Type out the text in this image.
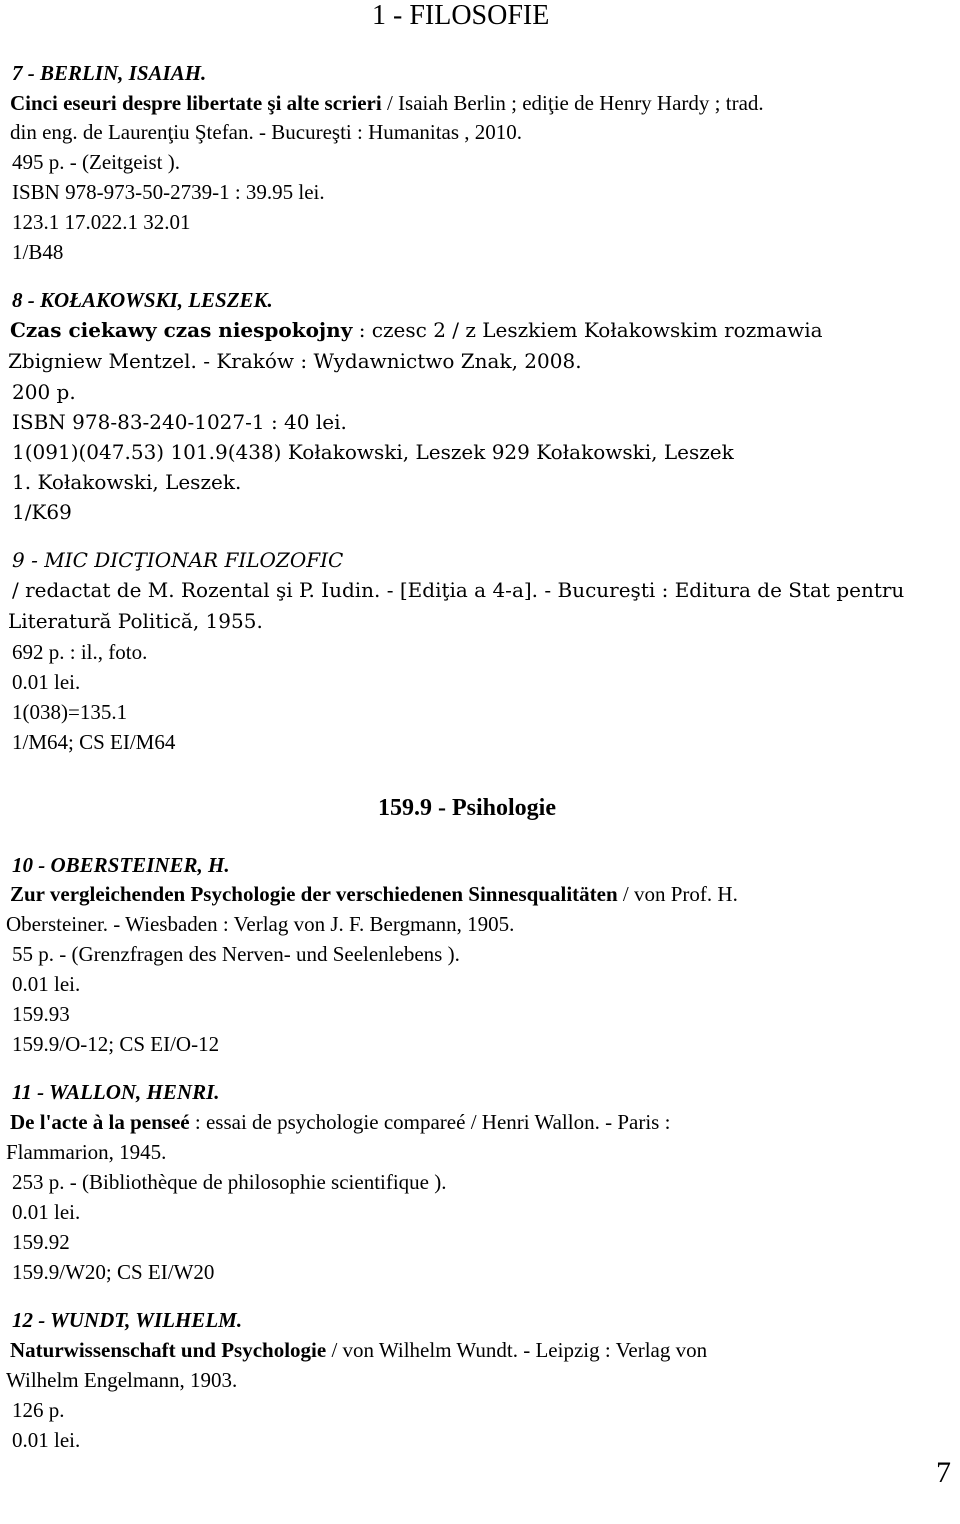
1 - FILOSOFIE
7 - BERLIN, ISAIAH.
Cinci eseuri despre libertate şi alte scrieri / Isaiah Berlin ; ediţie de Henry Hardy ; trad.
din eng. de Laurenţiu Ştefan. - Bucureşti : Humanitas , 2010.
495 p. - (Zeitgeist ).
ISBN 978-973-50-2739-1 : 39.95 lei.
123.1 17.022.1 32.01
1/B48
8 - KOŁAKOWSKI, LESZEK.
Czas ciekawy czas niespokojny : czesc 2 / z Leszkiem Kołakowskim rozmawia
Zbigniew Mentzel. - Kraków : Wydawnictwo Znak, 2008.
200 p.
ISBN 978-83-240-1027-1 : 40 lei.
1(091)(047.53) 101.9(438) Kołakowski, Leszek 929 Kołakowski, Leszek
1. Kołakowski, Leszek.
1/K69
9 - MIC DICŢIONAR FILOZOFIC
/ redactat de M. Rozental şi P. Iudin. - [Ediţia a 4-a]. - Bucureşti : Editura de Stat pentru
Literatură Politică, 1955.
692 p. : il., foto.
0.01 lei.
1(038)=135.1
1/M64; CS EI/M64
159.9 - Psihologie
10 - OBERSTEINER, H.
Zur vergleichenden Psychologie der verschiedenen Sinnesqualitäten / von Prof. H.
Obersteiner. - Wiesbaden : Verlag von J. F. Bergmann, 1905.
55 p. - (Grenzfragen des Nerven- und Seelenlebens ).
0.01 lei.
159.93
159.9/O-12; CS EI/O-12
11 - WALLON, HENRI.
De l'acte à la penseé : essai de psychologie compareé / Henri Wallon. - Paris :
Flammarion, 1945.
253 p. - (Bibliothèque de philosophie scientifique ).
0.01 lei.
159.92
159.9/W20; CS EI/W20
12 - WUNDT, WILHELM.
Naturwissenschaft und Psychologie / von Wilhelm Wundt. - Leipzig : Verlag von
Wilhelm Engelmann, 1903.
126 p.
0.01 lei.
7
